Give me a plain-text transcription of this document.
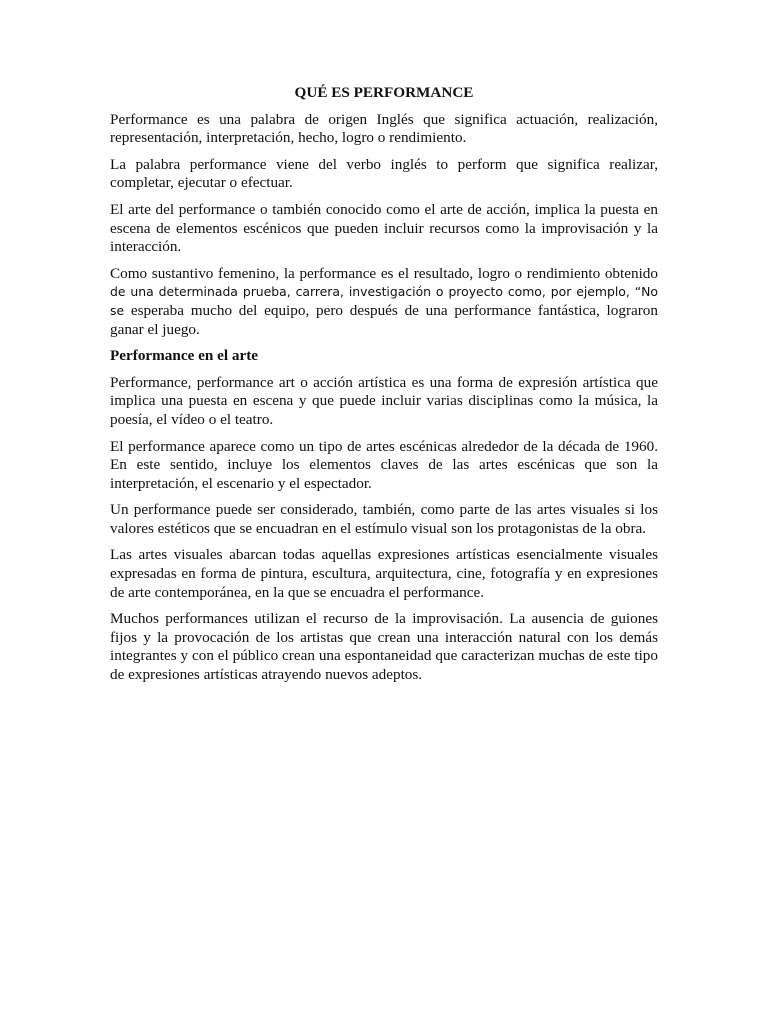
QUÉ ES PERFORMANCE
Performance es una palabra de origen Inglés que significa actuación, realización, representación, interpretación, hecho, logro o rendimiento.
La palabra performance viene del verbo inglés to perform que significa realizar, completar, ejecutar o efectuar.
El arte del performance o también conocido como el arte de acción, implica la puesta en escena de elementos escénicos que pueden incluir recursos como la improvisación y la interacción.
Como sustantivo femenino, la performance es el resultado, logro o rendimiento obtenido de una determinada prueba, carrera, investigación o proyecto como, por ejemplo, “No se esperaba mucho del equipo, pero después de una performance fantástica, lograron ganar el juego.
Performance en el arte
Performance, performance art o acción artística es una forma de expresión artística que implica una puesta en escena y que puede incluir varias disciplinas como la música, la poesía, el vídeo o el teatro.
El performance aparece como un tipo de artes escénicas alrededor de la década de 1960. En este sentido, incluye los elementos claves de las artes escénicas que son la interpretación, el escenario y el espectador.
Un performance puede ser considerado, también, como parte de las artes visuales si los valores estéticos que se encuadran en el estímulo visual son los protagonistas de la obra.
Las artes visuales abarcan todas aquellas expresiones artísticas esencialmente visuales expresadas en forma de pintura, escultura, arquitectura, cine, fotografía y en expresiones de arte contemporánea, en la que se encuadra el performance.
Muchos performances utilizan el recurso de la improvisación. La ausencia de guiones fijos y la provocación de los artistas que crean una interacción natural con los demás integrantes y con el público crean una espontaneidad que caracterizan muchas de este tipo de expresiones artísticas atrayendo nuevos adeptos.
